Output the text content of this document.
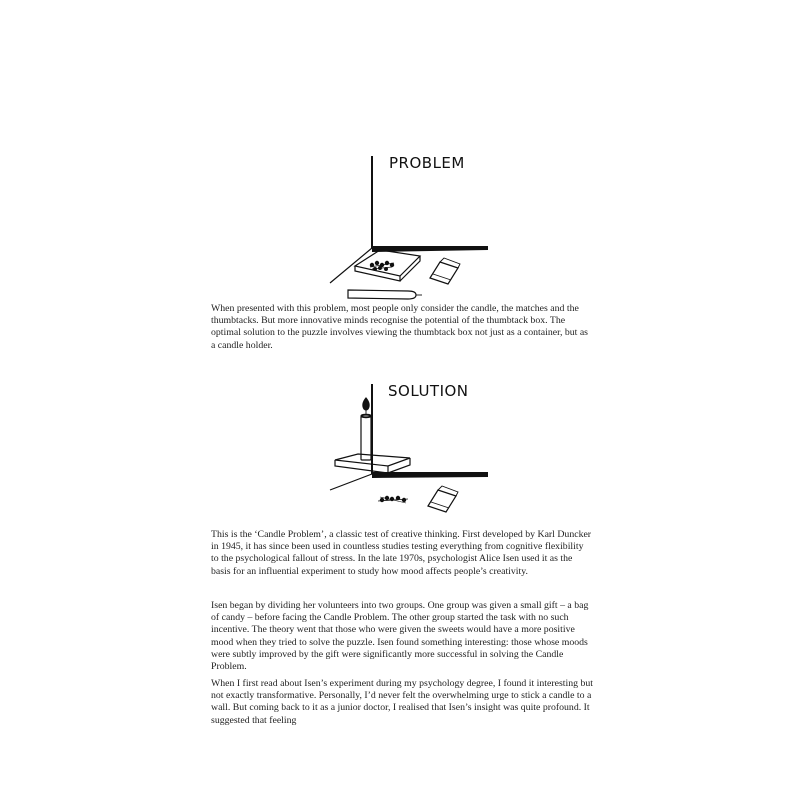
PROBLEM

When presented with this problem, most people only consider the candle, the matches and the thumbtacks. But more innovative minds recognise the potential of the thumbtack box. The optimal solution to the puzzle involves viewing the thumbtack box not just as a container, but as a candle holder.

SOLUTION

This is the ‘Candle Problem’, a classic test of creative thinking. First developed by Karl Duncker in 1945, it has since been used in countless studies testing everything from cognitive flexibility to the psychological fallout of stress. In the late 1970s, psychologist Alice Isen used it as the basis for an influential experiment to study how mood affects people’s creativity.

Isen began by dividing her volunteers into two groups. One group was given a small gift – a bag of candy – before facing the Candle Problem. The other group started the task with no such incentive. The theory went that those who were given the sweets would have a more positive mood when they tried to solve the puzzle. Isen found something interesting: those whose moods were subtly improved by the gift were significantly more successful in solving the Candle Problem.

When I first read about Isen’s experiment during my psychology degree, I found it interesting but not exactly transformative. Personally, I’d never felt the overwhelming urge to stick a candle to a wall. But coming back to it as a junior doctor, I realised that Isen’s insight was quite profound. It suggested that feeling
